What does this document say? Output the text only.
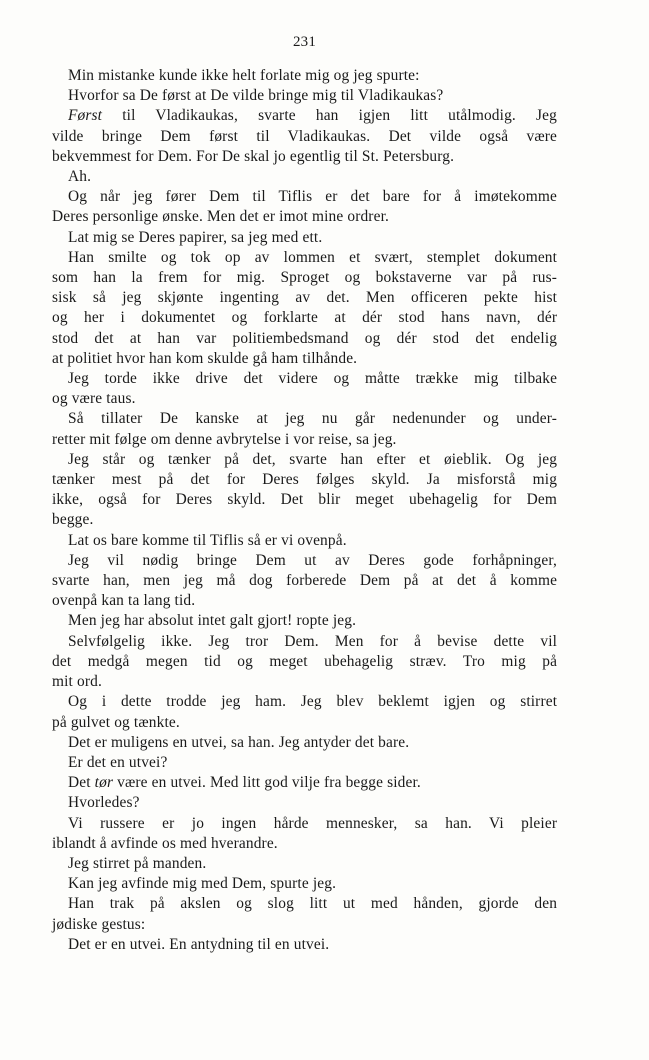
231
Min mistanke kunde ikke helt forlate mig og jeg spurte:
Hvorfor sa De først at De vilde bringe mig til Vladikaukas?
Først til Vladikaukas, svarte han igjen litt utålmodig. Jeg
vilde bringe Dem først til Vladikaukas. Det vilde også være
bekvemmest for Dem. For De skal jo egentlig til St. Petersburg.
Ah.
Og når jeg fører Dem til Tiflis er det bare for å imøtekomme
Deres personlige ønske. Men det er imot mine ordrer.
Lat mig se Deres papirer, sa jeg med ett.
Han smilte og tok op av lommen et svært, stemplet dokument
som han la frem for mig. Sproget og bokstaverne var på rus-
sisk så jeg skjønte ingenting av det. Men officeren pekte hist
og her i dokumentet og forklarte at dér stod hans navn, dér
stod det at han var politiembedsmand og dér stod det endelig
at politiet hvor han kom skulde gå ham tilhånde.
Jeg torde ikke drive det videre og måtte trække mig tilbake
og være taus.
Så tillater De kanske at jeg nu går nedenunder og under-
retter mit følge om denne avbrytelse i vor reise, sa jeg.
Jeg står og tænker på det, svarte han efter et øieblik. Og jeg
tænker mest på det for Deres følges skyld. Ja misforstå mig
ikke, også for Deres skyld. Det blir meget ubehagelig for Dem
begge.
Lat os bare komme til Tiflis så er vi ovenpå.
Jeg vil nødig bringe Dem ut av Deres gode forhåpninger,
svarte han, men jeg må dog forberede Dem på at det å komme
ovenpå kan ta lang tid.
Men jeg har absolut intet galt gjort! ropte jeg.
Selvfølgelig ikke. Jeg tror Dem. Men for å bevise dette vil
det medgå megen tid og meget ubehagelig stræv. Tro mig på
mit ord.
Og i dette trodde jeg ham. Jeg blev beklemt igjen og stirret
på gulvet og tænkte.
Det er muligens en utvei, sa han. Jeg antyder det bare.
Er det en utvei?
Det tør være en utvei. Med litt god vilje fra begge sider.
Hvorledes?
Vi russere er jo ingen hårde mennesker, sa han. Vi pleier
iblandt å avfinde os med hverandre.
Jeg stirret på manden.
Kan jeg avfinde mig med Dem, spurte jeg.
Han trak på akslen og slog litt ut med hånden, gjorde den
jødiske gestus:
Det er en utvei. En antydning til en utvei.
